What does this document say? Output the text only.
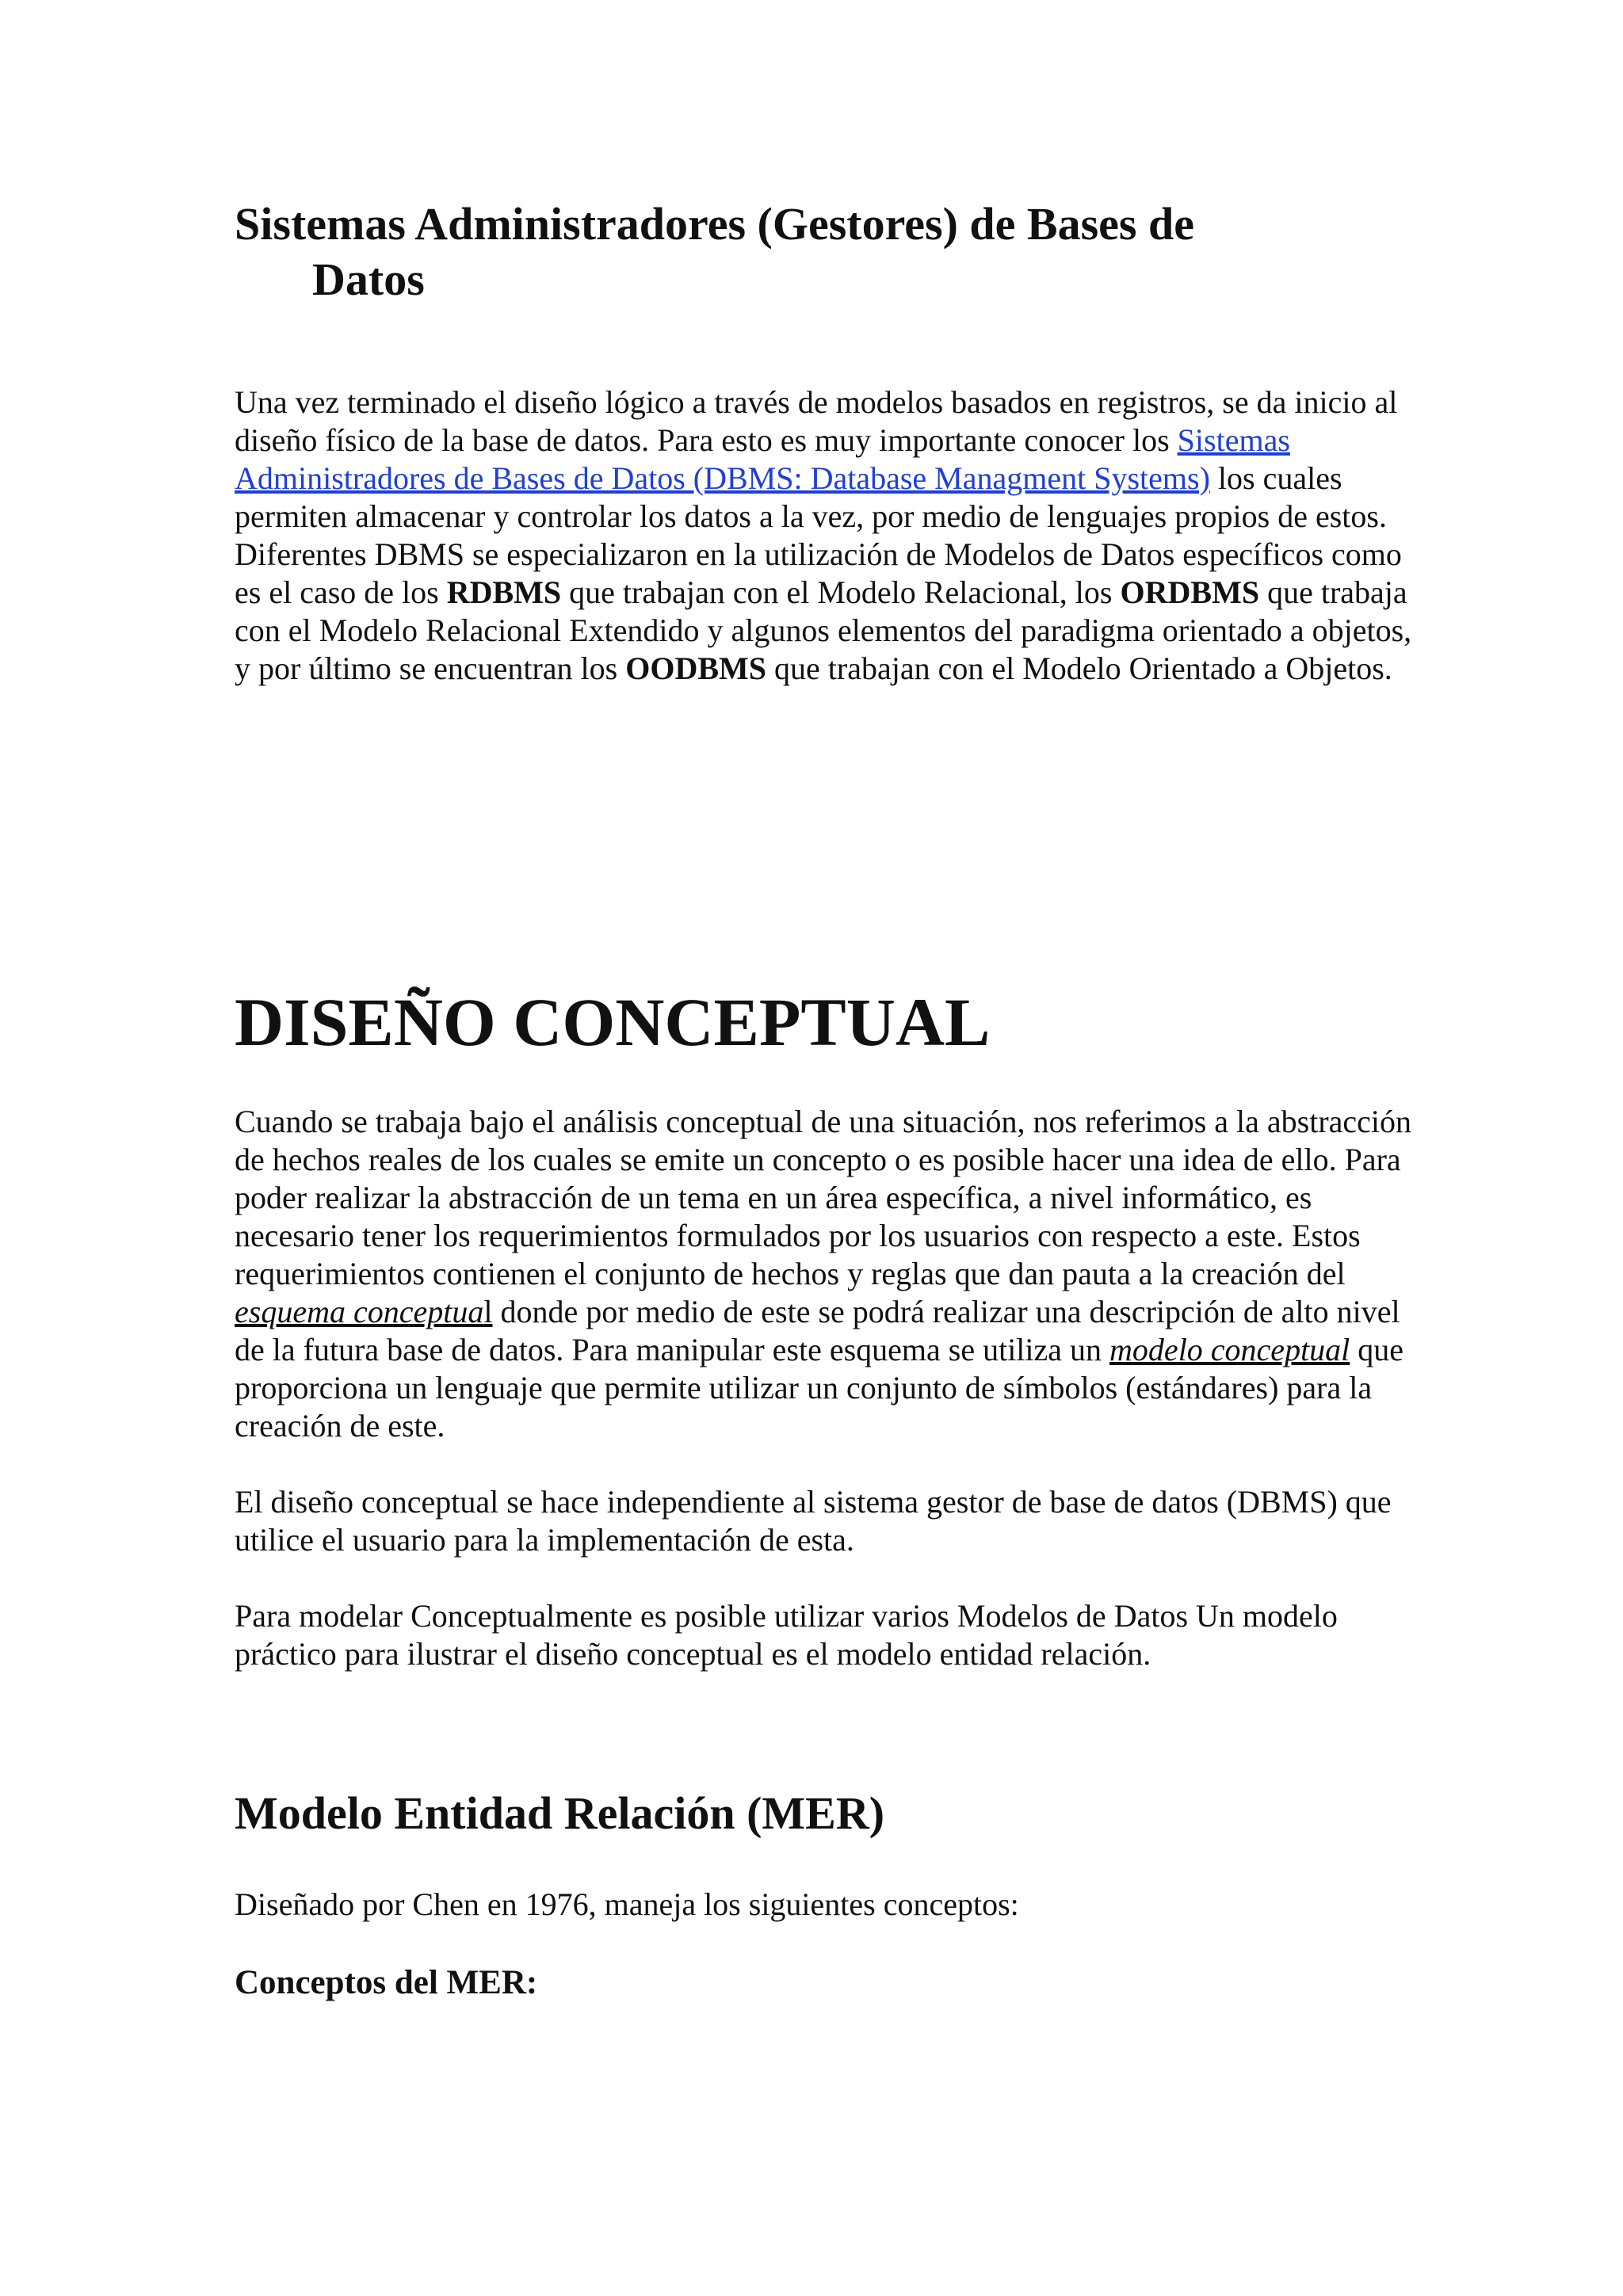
Sistemas Administradores (Gestores) de Bases de
Datos

Una vez terminado el diseño lógico a través de modelos basados en registros, se da inicio al diseño físico de la base de datos. Para esto es muy importante conocer los Sistemas Administradores de Bases de Datos (DBMS: Database Managment Systems) los cuales permiten almacenar y controlar los datos a la vez, por medio de lenguajes propios de estos. Diferentes DBMS se especializaron en la utilización de Modelos de Datos específicos como es el caso de los RDBMS que trabajan con el Modelo Relacional, los ORDBMS que trabaja con el Modelo Relacional Extendido y algunos elementos del paradigma orientado a objetos, y por último se encuentran los OODBMS que trabajan con el Modelo Orientado a Objetos.

DISEÑO CONCEPTUAL

Cuando se trabaja bajo el análisis conceptual de una situación, nos referimos a la abstracción de hechos reales de los cuales se emite un concepto o es posible hacer una idea de ello. Para poder realizar la abstracción de un tema en un área específica, a nivel informático, es necesario tener los requerimientos formulados por los usuarios con respecto a este. Estos requerimientos contienen el conjunto de hechos y reglas que dan pauta a la creación del esquema conceptual donde por medio de este se podrá realizar una descripción de alto nivel de la futura base de datos. Para manipular este esquema se utiliza un modelo conceptual que proporciona un lenguaje que permite utilizar un conjunto de símbolos (estándares) para la creación de este.

El diseño conceptual se hace independiente al sistema gestor de base de datos (DBMS) que utilice el usuario para la implementación de esta.

Para modelar Conceptualmente es posible utilizar varios Modelos de Datos Un modelo práctico para ilustrar el diseño conceptual es el modelo entidad relación.

Modelo Entidad Relación (MER)

Diseñado por Chen en 1976, maneja los siguientes conceptos:

Conceptos del MER:
